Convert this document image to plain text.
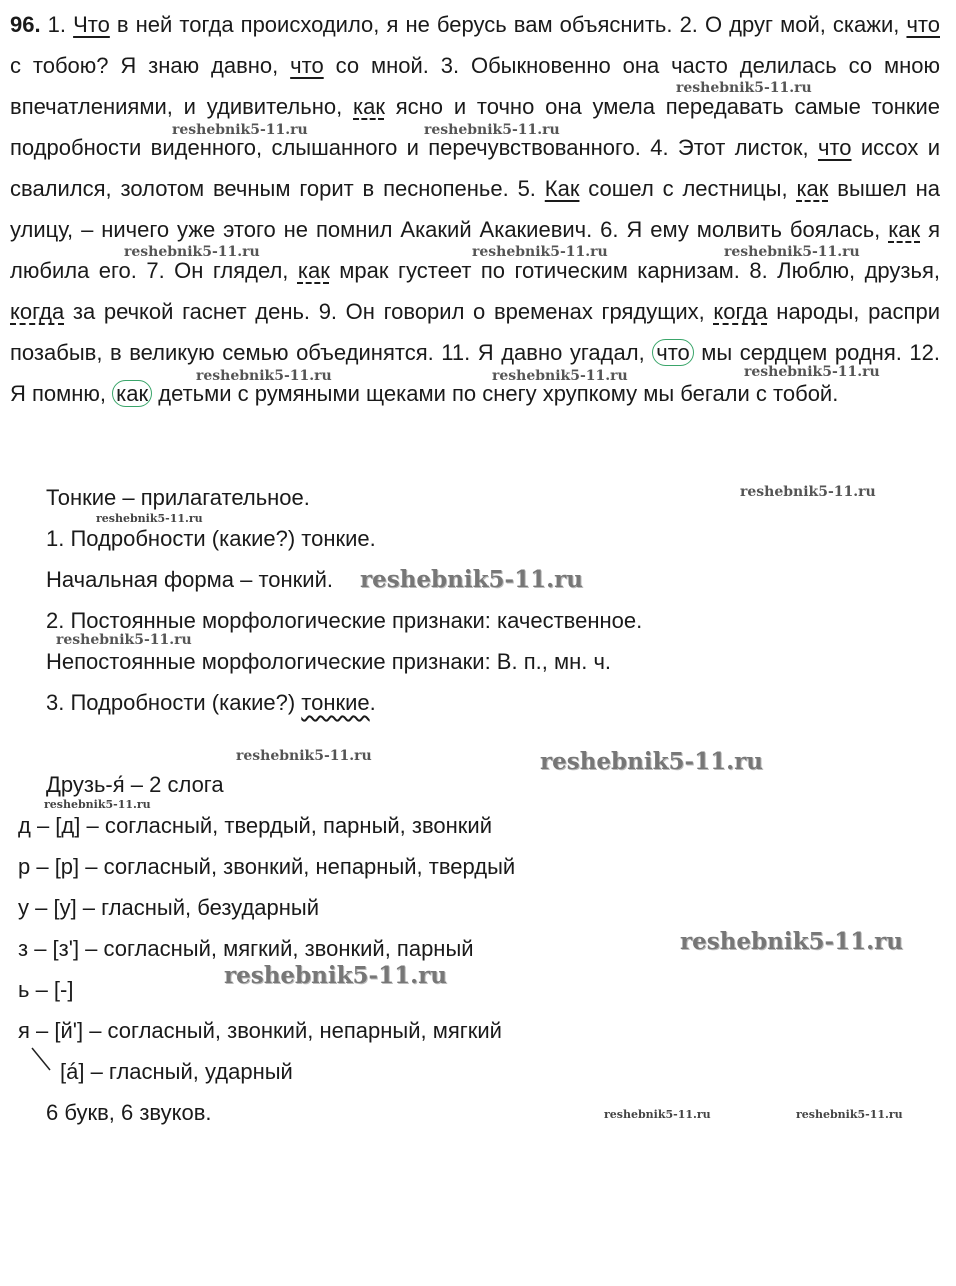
96. 1. Что в ней тогда происходило, я не берусь вам объяснить. 2. О друг мой, скажи, что с тобою? Я знаю давно, что со мной. 3. Обыкновенно она часто делилась со мною впечатлениями, и удивительно, как ясно и точно она умела передавать самые тонкие подробности виденного, слышанного и перечувствованного. 4. Этот листок, что иссох и свалился, золотом вечным горит в песнопенье. 5. Как сошел с лестницы, как вышел на улицу, – ничего уже этого не помнил Акакий Акакиевич. 6. Я ему молвить боялась, как я любила его. 7. Он глядел, как мрак густеет по готическим карнизам. 8. Люблю, друзья, когда за речкой гаснет день. 9. Он говорил о временах грядущих, когда народы, распри позабыв, в великую семью объединятся. 11. Я давно угадал, что мы сердцем родня. 12. Я помню, как детьми с румяными щеками по снегу хрупкому мы бегали с тобой.
Тонкие – прилагательное.
1. Подробности (какие?) тонкие.
Начальная форма – тонкий.
2. Постоянные морфологические признаки: качественное.
Непостоянные морфологические признаки: В. п., мн. ч.
3. Подробности (какие?) тонкие.
Друзь-я́ – 2 слога
д – [д] – согласный, твердый, парный, звонкий
р – [р] – согласный, звонкий, непарный, твердый
у – [у] – гласный, безударный
з – [з'] – согласный, мягкий, звонкий, парный
ь – [-]
я – [й'] – согласный, звонкий, непарный, мягкий
[á] – гласный, ударный
6 букв, 6 звуков.
reshebnik5-11.ru
reshebnik5-11.ru	reshebnik5-11.ru
reshebnik5-11.ru	reshebnik5-11.ru	reshebnik5-11.ru
reshebnik5-11.ru	reshebnik5-11.ru	reshebnik5-11.ru
reshebnik5-11.ru
reshebnik5-11.ru
reshebnik5-11.ru
reshebnik5-11.ru
reshebnik5-11.ru	reshebnik5-11.ru
reshebnik5-11.ru
reshebnik5-11.ru
reshebnik5-11.ru
reshebnik5-11.ru	reshebnik5-11.ru
